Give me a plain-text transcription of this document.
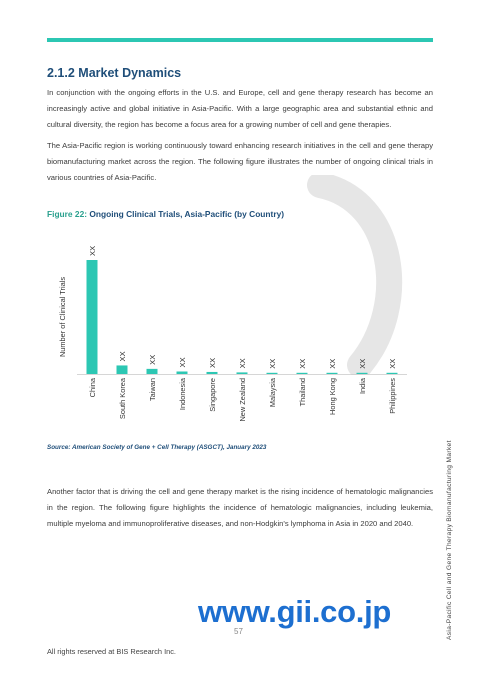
2.1.2 Market Dynamics

In conjunction with the ongoing efforts in the U.S. and Europe, cell and gene therapy research has become an increasingly active and global initiative in Asia-Pacific. With a large geographic area and substantial ethnic and cultural diversity, the region has become a focus area for a growing number of cell and gene therapies.

The Asia-Pacific region is working continuously toward enhancing research initiatives in the cell and gene therapy biomanufacturing market across the region. The following figure illustrates the number of ongoing clinical trials in various countries of Asia-Pacific.

Figure 22: Ongoing Clinical Trials, Asia-Pacific (by Country)
Number of Clinical Trials
XX
China
XX
South Korea
XX
Taiwan
XX
Indonesia
XX
Singapore
XX
New Zealand
XX
Malaysia
XX
Thailand
XX
Hong Kong
XX
India
XX
Philippines
Source: American Society of Gene + Cell Therapy (ASGCT), January 2023

Another factor that is driving the cell and gene therapy market is the rising incidence of hematologic malignancies in the region. The following figure highlights the incidence of hematologic malignancies, including leukemia, multiple myeloma and immunoproliferative diseases, and non-Hodgkin's lymphoma in Asia in 2020 and 2040.	Asia-Pacific Cell and Gene Therapy Biomanufacturing Market
www.gii.co.jp
57
All rights reserved at BIS Research Inc.
